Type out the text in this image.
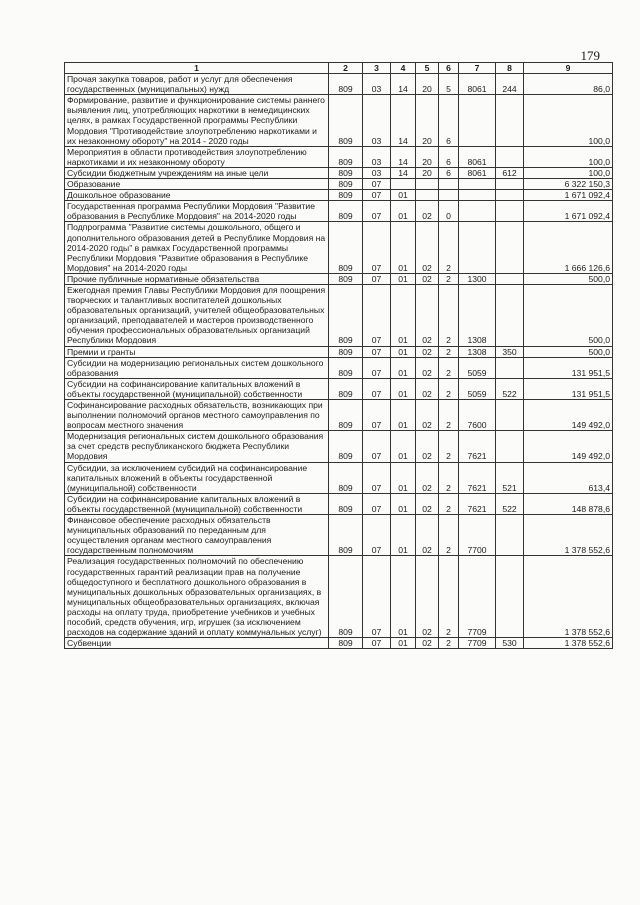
179
1	2	3	4	5	6	7	8	9
Прочая закупка товаров, работ и услуг для обеспечения государственных (муниципальных) нужд	809	03	14	20	5	8061	244	86,0
Формирование, развитие и функционирование системы раннего выявления лиц, употребляющих наркотики в немедицинских целях, в рамках Государственной программы Республики Мордовия "Противодействие злоупотреблению наркотиками и их незаконному обороту" на 2014 - 2020 годы	809	03	14	20	6			100,0
Мероприятия в области противодействия злоупотреблению наркотиками и их незаконному обороту	809	03	14	20	6	8061		100,0
Субсидии бюджетным учреждениям на иные цели	809	03	14	20	6	8061	612	100,0
Образование	809	07						6 322 150,3
Дошкольное образование	809	07	01					1 671 092,4
Государственная программа Республики Мордовия "Развитие образования в Республике Мордовия" на 2014-2020 годы	809	07	01	02	0			1 671 092,4
Подпрограмма "Развитие системы дошкольного, общего и дополнительного образования детей в Республике Мордовия на 2014-2020 годы" в рамках Государственной программы Республики Мордовия "Развитие образования в Республике Мордовия" на 2014-2020 годы	809	07	01	02	2			1 666 126,6
Прочие публичные нормативные обязательства	809	07	01	02	2	1300		500,0
Ежегодная премия Главы Республики Мордовия для поощрения творческих и талантливых воспитателей дошкольных образовательных организаций, учителей общеобразовательных организаций, преподавателей и мастеров производственного обучения профессиональных образовательных организаций Республики Мордовия	809	07	01	02	2	1308		500,0
Премии и гранты	809	07	01	02	2	1308	350	500,0
Субсидии на модернизацию региональных систем дошкольного образования	809	07	01	02	2	5059		131 951,5
Субсидии на софинансирование капитальных вложений в объекты государственной (муниципальной) собственности	809	07	01	02	2	5059	522	131 951,5
Софинансирование расходных обязательств, возникающих при выполнении полномочий органов местного самоуправления по вопросам местного значения	809	07	01	02	2	7600		149 492,0
Модернизация региональных систем дошкольного образования за счет средств республиканского бюджета Республики Мордовия	809	07	01	02	2	7621		149 492,0
Субсидии, за исключением субсидий на софинансирование капитальных вложений в объекты государственной (муниципальной) собственности	809	07	01	02	2	7621	521	613,4
Субсидии на софинансирование капитальных вложений в объекты государственной (муниципальной) собственности	809	07	01	02	2	7621	522	148 878,6
Финансовое обеспечение расходных обязательств муниципальных образований по переданным для осуществления органам местного самоуправления государственным полномочиям	809	07	01	02	2	7700		1 378 552,6
Реализация государственных полномочий по обеспечению государственных гарантий реализации прав на получение общедоступного и бесплатного дошкольного образования в муниципальных дошкольных образовательных организациях, в муниципальных общеобразовательных организациях, включая расходы на оплату труда, приобретение учебников и учебных пособий, средств обучения, игр, игрушек (за исключением расходов на содержание зданий и оплату коммунальных услуг)	809	07	01	02	2	7709		1 378 552,6
Субвенции	809	07	01	02	2	7709	530	1 378 552,6
